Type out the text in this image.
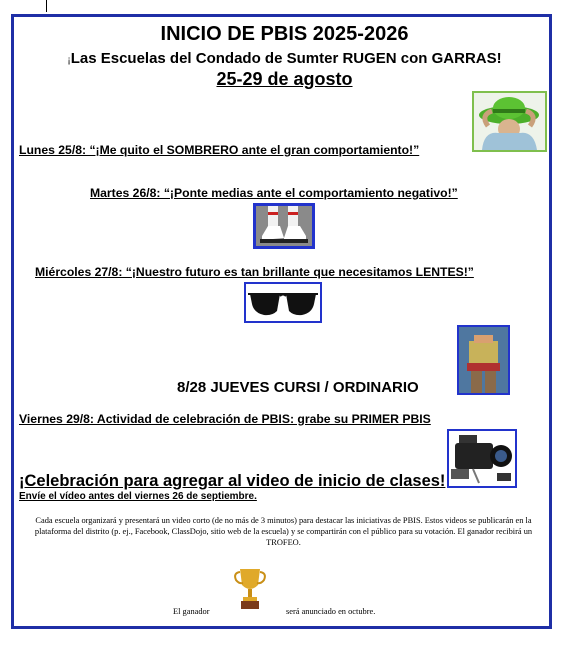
INICIO DE PBIS 2025-2026
¡Las Escuelas del Condado de Sumter RUGEN con GARRAS!
25-29 de agosto
Lunes 25/8: “¡Me quito el SOMBRERO ante el gran comportamiento!”
Martes 26/8: “¡Ponte medias ante el comportamiento negativo!”
Miércoles 27/8: “¡Nuestro futuro es tan brillante que necesitamos LENTES!”
8/28 JUEVES CURSI / ORDINARIO
Viernes 29/8: Actividad de celebración de PBIS: grabe su PRIMER PBIS
¡Celebración para agregar al video de inicio de clases!
Envíe el vídeo antes del viernes 26 de septiembre.
Cada escuela organizará y presentará un video corto (de no más de 3 minutos) para destacar las iniciativas de PBIS. Estos videos se publicarán en la plataforma del distrito (p. ej., Facebook, ClassDojo, sitio web de la escuela) y se compartirán con el público para su votación. El ganador recibirá un TROFEO.
El ganador	será anunciado en octubre.
